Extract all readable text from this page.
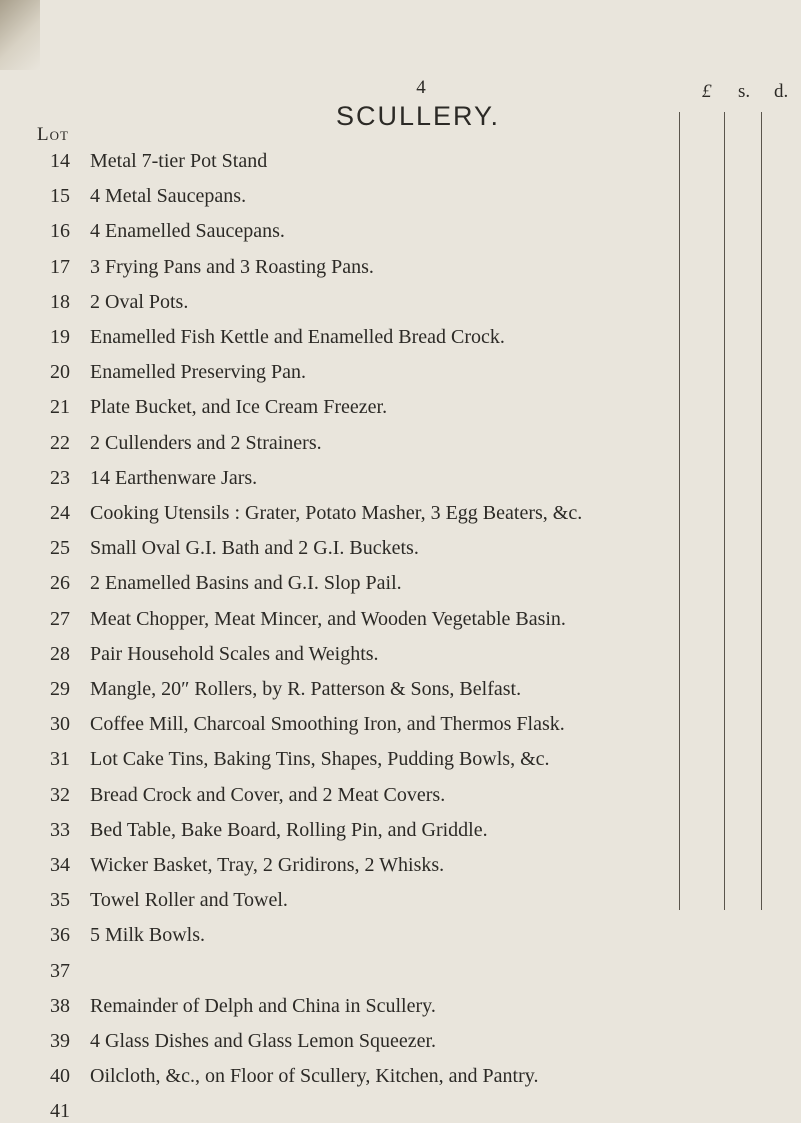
4
SCULLERY.
Lot
£ s. d.
14 Metal 7-tier Pot Stand
15 4 Metal Saucepans.
16 4 Enamelled Saucepans.
17 3 Frying Pans and 3 Roasting Pans.
18 2 Oval Pots.
19 Enamelled Fish Kettle and Enamelled Bread Crock.
20 Enamelled Preserving Pan.
21 Plate Bucket, and Ice Cream Freezer.
22 2 Cullenders and 2 Strainers.
23 14 Earthenware Jars.
24 Cooking Utensils : Grater, Potato Masher, 3 Egg Beaters, &c.
25 Small Oval G.I. Bath and 2 G.I. Buckets.
26 2 Enamelled Basins and G.I. Slop Pail.
27 Meat Chopper, Meat Mincer, and Wooden Vegetable Basin.
28 Pair Household Scales and Weights.
29 Mangle, 20″ Rollers, by R. Patterson & Sons, Belfast.
30 Coffee Mill, Charcoal Smoothing Iron, and Thermos Flask.
31 Lot Cake Tins, Baking Tins, Shapes, Pudding Bowls, &c.
32 Bread Crock and Cover, and 2 Meat Covers.
33 Bed Table, Bake Board, Rolling Pin, and Griddle.
34 Wicker Basket, Tray, 2 Gridirons, 2 Whisks.
35 Towel Roller and Towel.
36 5 Milk Bowls.
37
38 Remainder of Delph and China in Scullery.
39 4 Glass Dishes and Glass Lemon Squeezer.
40 Oilcloth, &c., on Floor of Scullery, Kitchen, and Pantry.
41
